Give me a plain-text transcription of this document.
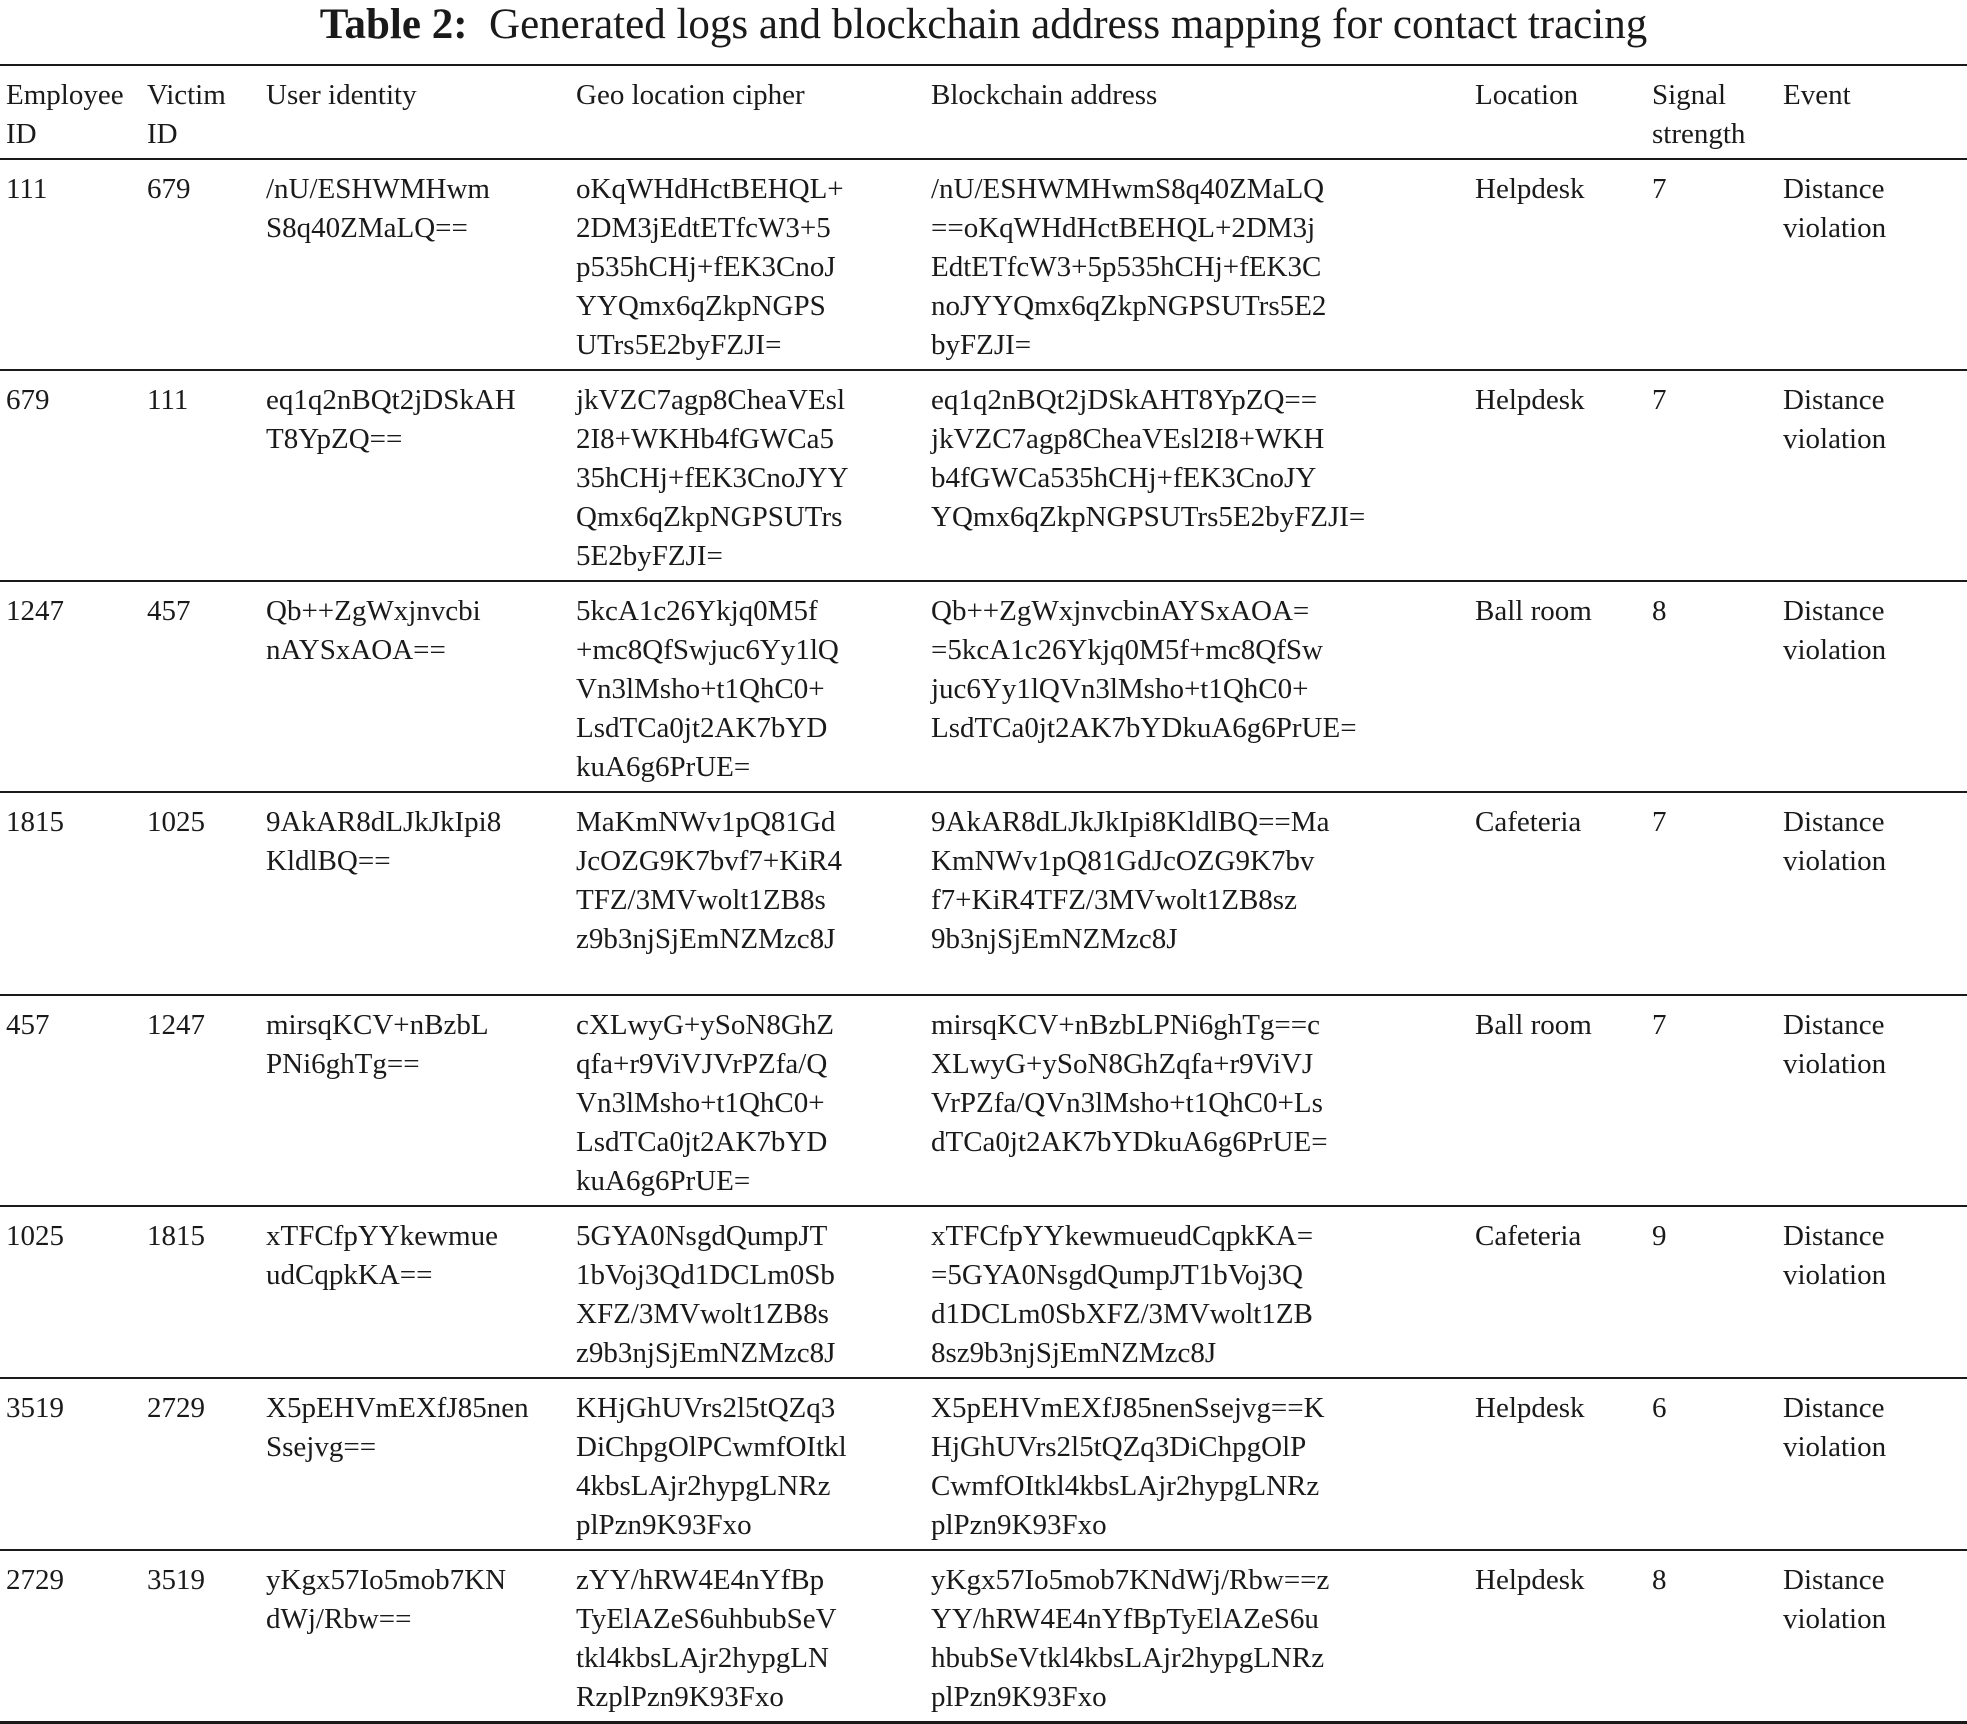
Table 2: Generated logs and blockchain address mapping for contact tracing
Employee
ID	Victim
ID	User identity	Geo location cipher	Blockchain address	Location	Signal
strength	Event
111	679	/nU/ESHWMHwm
S8q40ZMaLQ==	oKqWHdHctBEHQL+
2DM3jEdtETfcW3+5
p535hCHj+fEK3CnoJ
YYQmx6qZkpNGPS
UTrs5E2byFZJI=	/nU/ESHWMHwmS8q40ZMaLQ
==oKqWHdHctBEHQL+2DM3j
EdtETfcW3+5p535hCHj+fEK3C
noJYYQmx6qZkpNGPSUTrs5E2
byFZJI=	Helpdesk	7	Distance
violation
679	111	eq1q2nBQt2jDSkAH
T8YpZQ==	jkVZC7agp8CheaVEsl
2I8+WKHb4fGWCa5
35hCHj+fEK3CnoJYY
Qmx6qZkpNGPSUTrs
5E2byFZJI=	eq1q2nBQt2jDSkAHT8YpZQ==
jkVZC7agp8CheaVEsl2I8+WKH
b4fGWCa535hCHj+fEK3CnoJY
YQmx6qZkpNGPSUTrs5E2byFZJI=	Helpdesk	7	Distance
violation
1247	457	Qb++ZgWxjnvcbi
nAYSxAOA==	5kcA1c26Ykjq0M5f
+mc8QfSwjuc6Yy1lQ
Vn3lMsho+t1QhC0+
LsdTCa0jt2AK7bYD
kuA6g6PrUE=	Qb++ZgWxjnvcbinAYSxAOA=
=5kcA1c26Ykjq0M5f+mc8QfSw
juc6Yy1lQVn3lMsho+t1QhC0+
LsdTCa0jt2AK7bYDkuA6g6PrUE=	Ball room	8	Distance
violation
1815	1025	9AkAR8dLJkJkIpi8
KldlBQ==	MaKmNWv1pQ81Gd
JcOZG9K7bvf7+KiR4
TFZ/3MVwolt1ZB8s
z9b3njSjEmNZMzc8J	9AkAR8dLJkJkIpi8KldlBQ==Ma
KmNWv1pQ81GdJcOZG9K7bv
f7+KiR4TFZ/3MVwolt1ZB8sz
9b3njSjEmNZMzc8J	Cafeteria	7	Distance
violation
457	1247	mirsqKCV+nBzbL
PNi6ghTg==	cXLwyG+ySoN8GhZ
qfa+r9ViVJVrPZfa/Q
Vn3lMsho+t1QhC0+
LsdTCa0jt2AK7bYD
kuA6g6PrUE=	mirsqKCV+nBzbLPNi6ghTg==c
XLwyG+ySoN8GhZqfa+r9ViVJ
VrPZfa/QVn3lMsho+t1QhC0+Ls
dTCa0jt2AK7bYDkuA6g6PrUE=	Ball room	7	Distance
violation
1025	1815	xTFCfpYYkewmue
udCqpkKA==	5GYA0NsgdQumpJT
1bVoj3Qd1DCLm0Sb
XFZ/3MVwolt1ZB8s
z9b3njSjEmNZMzc8J	xTFCfpYYkewmueudCqpkKA=
=5GYA0NsgdQumpJT1bVoj3Q
d1DCLm0SbXFZ/3MVwolt1ZB
8sz9b3njSjEmNZMzc8J	Cafeteria	9	Distance
violation
3519	2729	X5pEHVmEXfJ85nen
Ssejvg==	KHjGhUVrs2l5tQZq3
DiChpgOlPCwmfOItkl
4kbsLAjr2hypgLNRz
plPzn9K93Fxo	X5pEHVmEXfJ85nenSsejvg==K
HjGhUVrs2l5tQZq3DiChpgOlP
CwmfOItkl4kbsLAjr2hypgLNRz
plPzn9K93Fxo	Helpdesk	6	Distance
violation
2729	3519	yKgx57Io5mob7KN
dWj/Rbw==	zYY/hRW4E4nYfBp
TyElAZeS6uhbubSeV
tkl4kbsLAjr2hypgLN
RzplPzn9K93Fxo	yKgx57Io5mob7KNdWj/Rbw==z
YY/hRW4E4nYfBpTyElAZeS6u
hbubSeVtkl4kbsLAjr2hypgLNRz
plPzn9K93Fxo	Helpdesk	8	Distance
violation
